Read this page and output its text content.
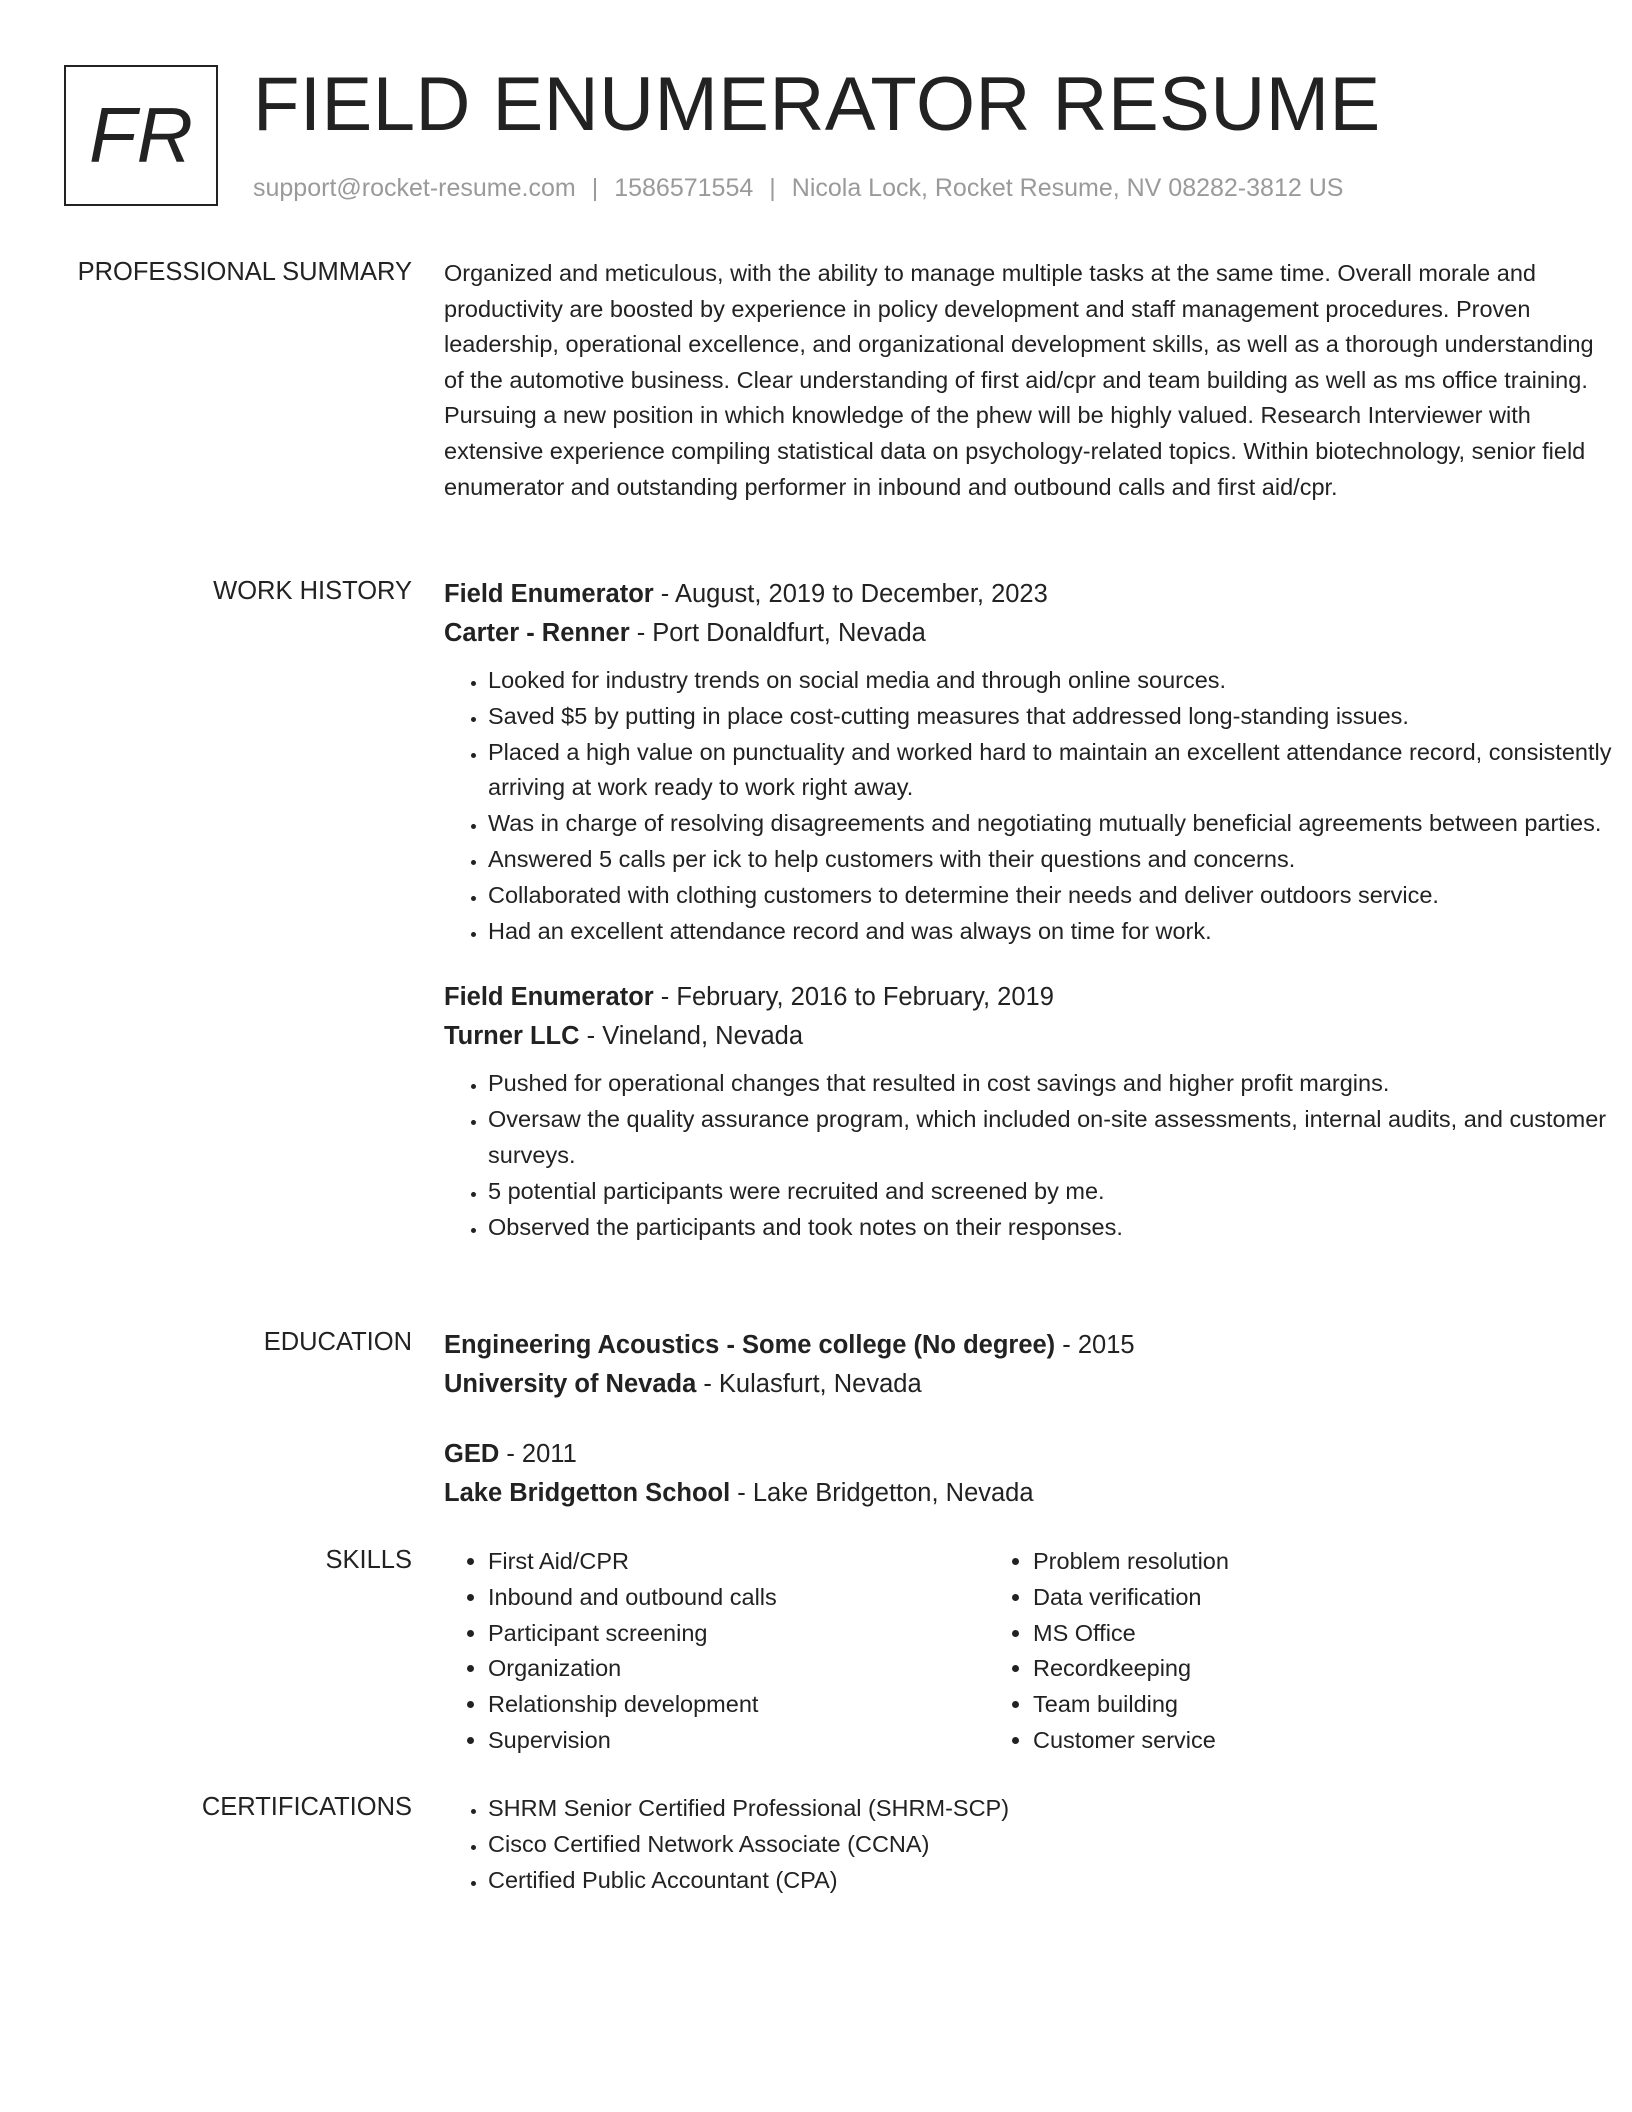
FR FIELD ENUMERATOR RESUME
support@rocket-resume.com | 1586571554 | Nicola Lock, Rocket Resume, NV 08282-3812 US
PROFESSIONAL SUMMARY Organized and meticulous, with the ability to manage multiple tasks at the same time. Overall morale and productivity are boosted by experience in policy development and staff management procedures. Proven leadership, operational excellence, and organizational development skills, as well as a thorough understanding of the automotive business. Clear understanding of first aid/cpr and team building as well as ms office training. Pursuing a new position in which knowledge of the phew will be highly valued. Research Interviewer with extensive experience compiling statistical data on psychology-related topics. Within biotechnology, senior field enumerator and outstanding performer in inbound and outbound calls and first aid/cpr.

WORK HISTORY Field Enumerator - August, 2019 to December, 2023
Carter - Renner - Port Donaldfurt, Nevada
• Looked for industry trends on social media and through online sources.
• Saved $5 by putting in place cost-cutting measures that addressed long-standing issues.
• Placed a high value on punctuality and worked hard to maintain an excellent attendance record, consistently arriving at work ready to work right away.
• Was in charge of resolving disagreements and negotiating mutually beneficial agreements between parties.
• Answered 5 calls per ick to help customers with their questions and concerns.
• Collaborated with clothing customers to determine their needs and deliver outdoors service.
• Had an excellent attendance record and was always on time for work.
Field Enumerator - February, 2016 to February, 2019
Turner LLC - Vineland, Nevada
• Pushed for operational changes that resulted in cost savings and higher profit margins.
• Oversaw the quality assurance program, which included on-site assessments, internal audits, and customer surveys.
• 5 potential participants were recruited and screened by me.
• Observed the participants and took notes on their responses.
EDUCATION Engineering Acoustics - Some college (No degree) - 2015
University of Nevada - Kulasfurt, Nevada
GED - 2011
Lake Bridgetton School - Lake Bridgetton, Nevada
SKILLS	• First Aid/CPR
• Inbound and outbound calls
• Participant screening
• Organization
• Relationship development
• Supervision
• Problem resolution
• Data verification
• MS Office
• Recordkeeping
• Team building
• Customer service
CERTIFICATIONS	• SHRM Senior Certified Professional (SHRM-SCP)
• Cisco Certified Network Associate (CCNA)
• Certified Public Accountant (CPA)
